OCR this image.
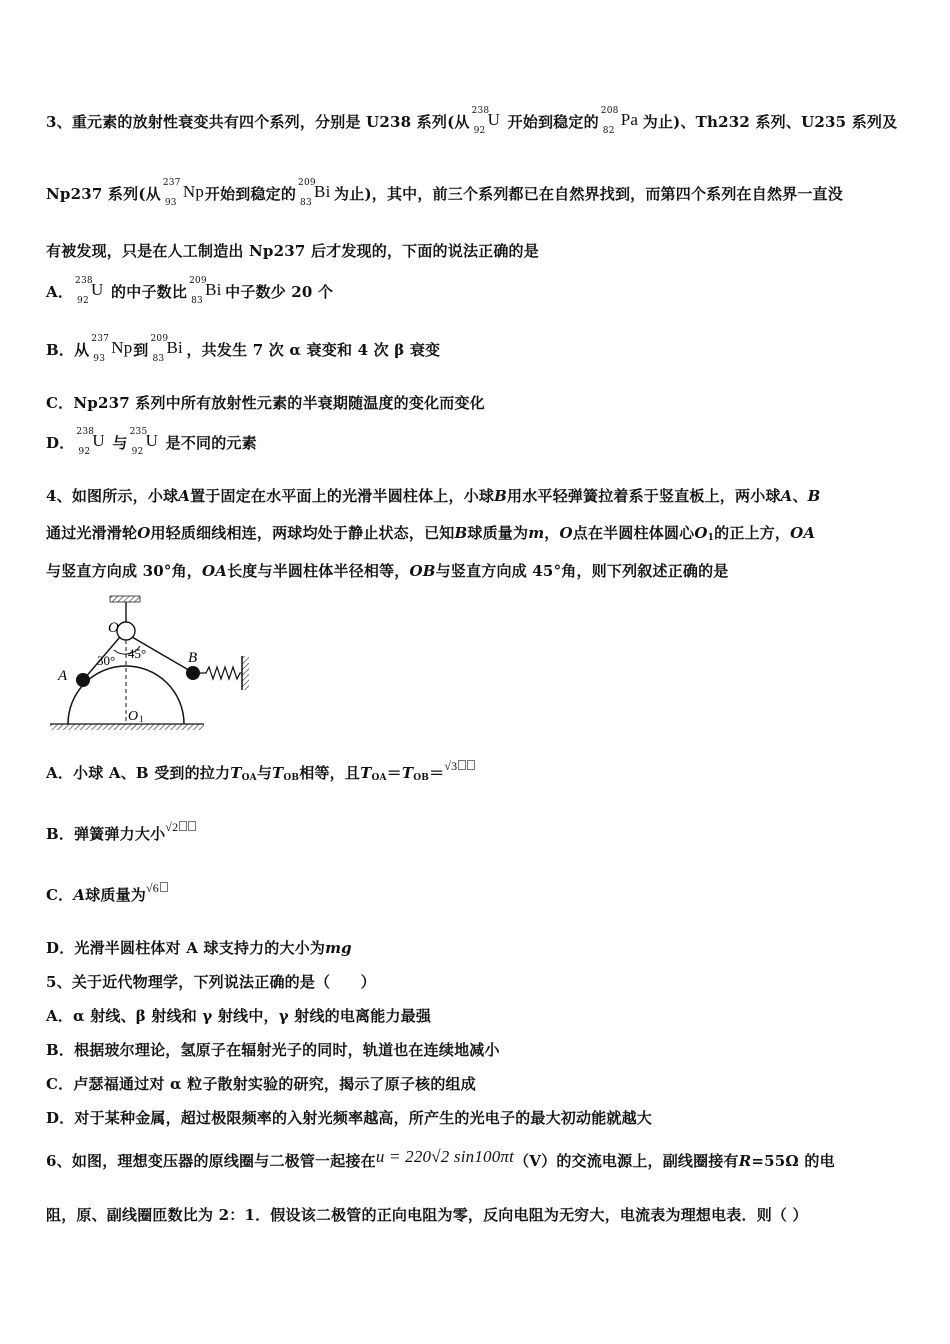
3、重元素的放射性衰变共有四个系列，分别是 U238 系列(从
238
92
U 开始到稳定的
208
82
Pa 为止)、Th232 系列、U235 系列及
Np237 系列(从
237
93
Np 开始到稳定的
209
83
Bi 为止)，其中，前三个系列都已在自然界找到，而第四个系列在自然界一直没
有被发现，只是在人工制造出 Np237 后才发现的，下面的说法正确的是
A．
238
92
U 的中子数比
209
83
Bi 中子数少 20 个
B．从
237
93
Np 到
209
83
Bi ，共发生 7 次 α 衰变和 4 次 β 衰变
C．Np237 系列中所有放射性元素的半衰期随温度的变化而变化
D．
238
92
U 与
235
92
U 是不同的元素
4、如图所示，小球A置于固定在水平面上的光滑半圆柱体上，小球B用水平轻弹簧拉着系于竖直板上，两小球A、B
通过光滑滑轮O用轻质细线相连，两球均处于静止状态，已知B球质量为m，O点在半圆柱体圆心$O_1$的正上方，OA
与竖直方向成 30°角，OA长度与半圆柱体半径相等，OB与竖直方向成 45°角，则下列叙述正确的是
O
A
B
O 1
30° 45°
A．小球 A、B 受到的拉力$T_{OA}$与$T_{OB}$相等，且$T_{OA}=T_{OB}=^{√3}$
B．弹簧弹力大小$^{√2}$
C．A球质量为$^{√6}$
D．光滑半圆柱体对 A 球支持力的大小为mg
5、关于近代物理学，下列说法正确的是（　　）
A．α 射线、β 射线和 γ 射线中，γ 射线的电离能力最强
B．根据玻尔理论，氢原子在辐射光子的同时，轨道也在连续地减小
C．卢瑟福通过对 α 粒子散射实验的研究，揭示了原子核的组成
D．对于某种金属，超过极限频率的入射光频率越高，所产生的光电子的最大初动能就越大
6、如图，理想变压器的原线圈与二极管一起接在u = 220√2 sin100πt（V）的交流电源上，副线圈接有R=55Ω 的电
阻，原、副线圈匝数比为 2：1．假设该二极管的正向电阻为零，反向电阻为无穷大，电流表为理想电表．则（ ）
